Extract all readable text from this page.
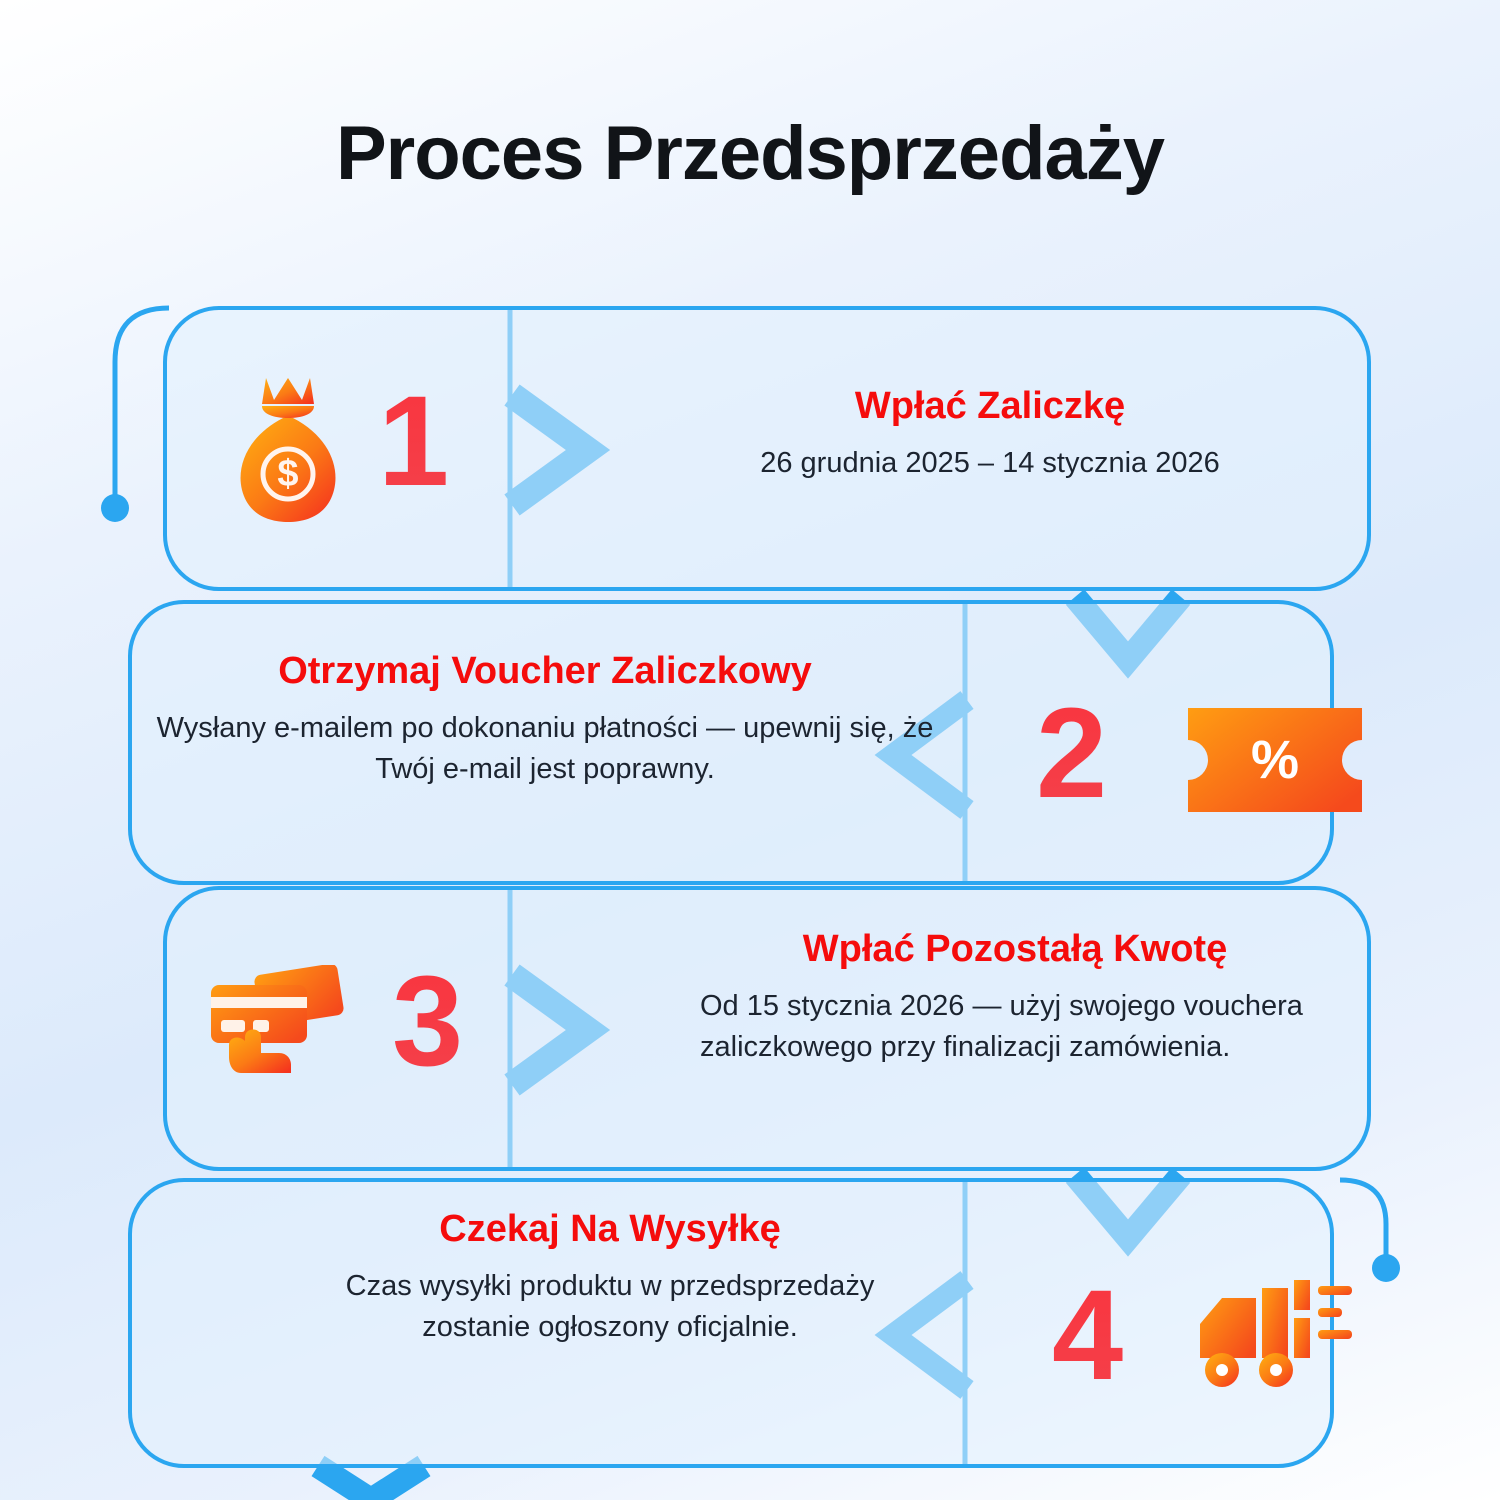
Proces Przedsprzedaży
$ 1	Wpłać Zaliczkę
26 grudnia 2025 – 14 stycznia 2026
Otrzymaj Voucher Zaliczkowy
Wysłany e-mailem po dokonaniu płatności — upewnij się, że Twój e-mail jest poprawny.	2	%
3
Wpłać Pozostałą Kwotę
Od 15 stycznia 2026 — użyj swojego vouchera zaliczkowego przy finalizacji zamówienia.
Czekaj Na Wysyłkę
Czas wysyłki produktu w przedsprzedaży zostanie ogłoszony oficjalnie.	4
